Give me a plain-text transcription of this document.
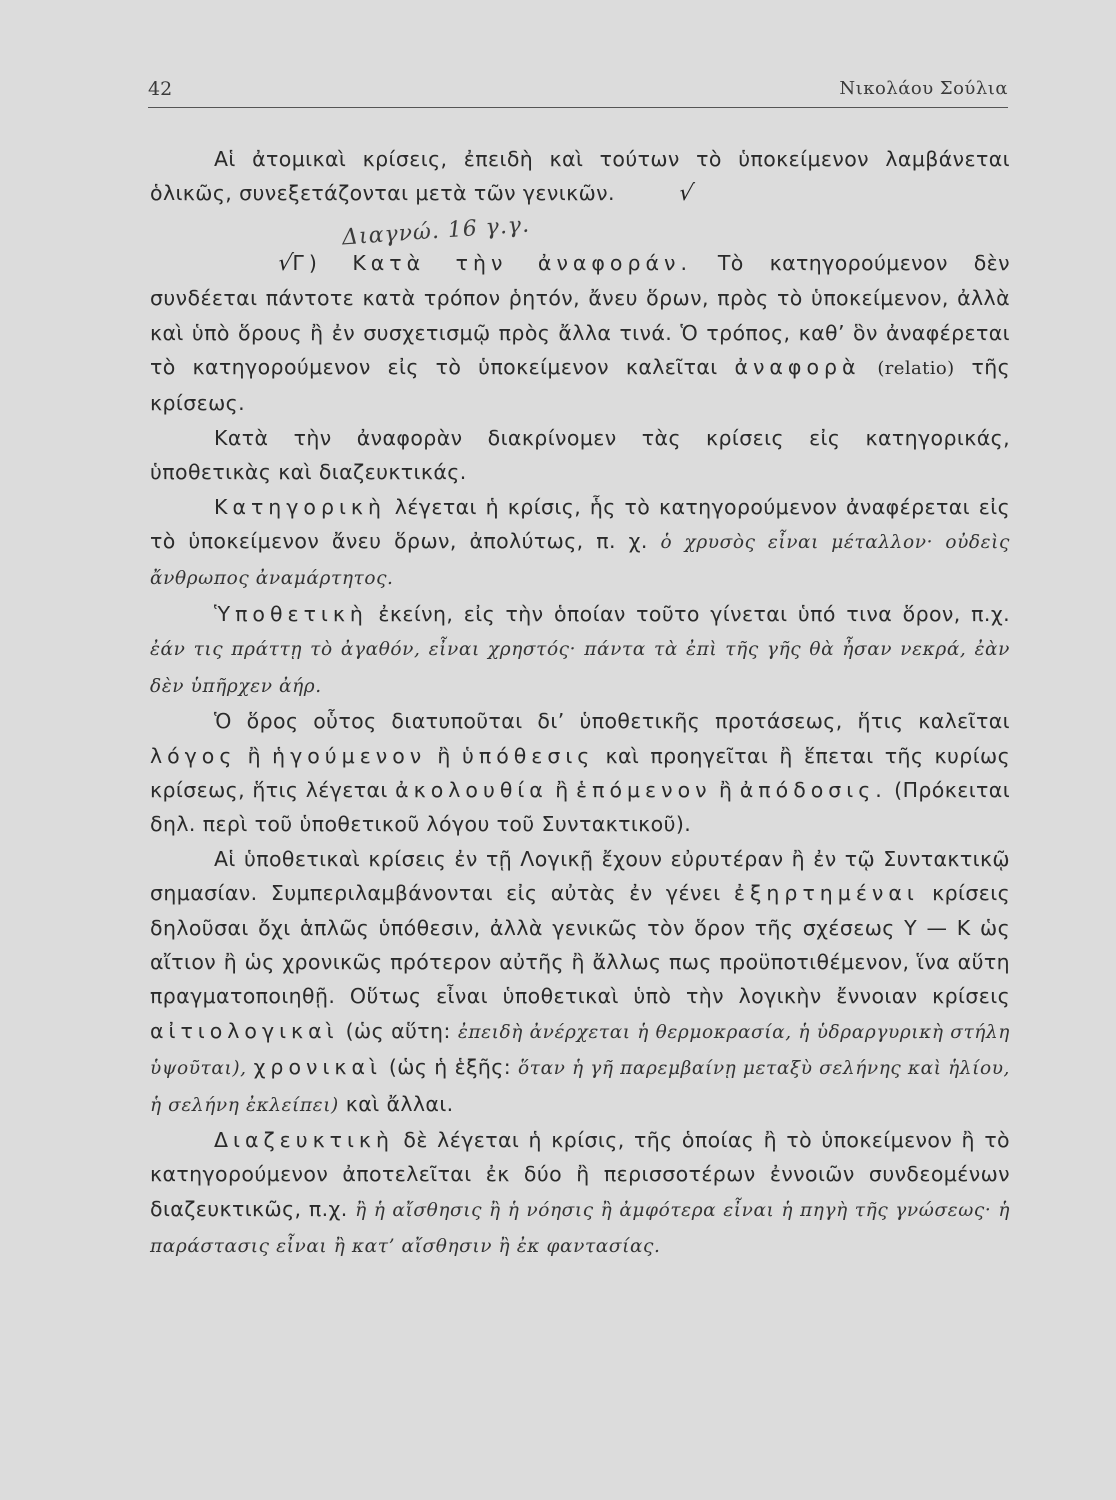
42	Νικολάου Σούλια
Διαγνώ. 16 γ.γ.

Αἱ ἀτομικαὶ κρίσεις, ἐπειδὴ καὶ τούτων τὸ ὑποκείμενον λαμβάνεται ὁλικῶς, συνεξετάζονται μετὰ τῶν γενικῶν.	√

√Γ) Κατὰ τὴν ἀναφοράν. Τὸ κατηγορούμενον δὲν συνδέεται πάντοτε κατὰ τρόπον ῥητόν, ἄνευ ὅρων, πρὸς τὸ ὑποκείμενον, ἀλλὰ καὶ ὑπὸ ὅρους ἢ ἐν συσχετισμῷ πρὸς ἄλλα τινά. Ὁ τρόπος, καθ’ ὃν ἀναφέρεται τὸ κατηγορούμενον εἰς τὸ ὑποκείμενον καλεῖται ἀναφορὰ (relatio) τῆς κρίσεως.

Κατὰ τὴν ἀναφορὰν διακρίνομεν τὰς κρίσεις εἰς κατηγορικάς, ὑποθετικὰς καὶ διαζευκτικάς.

Κατηγορικὴ λέγεται ἡ κρίσις, ἧς τὸ κατηγορούμενον ἀναφέρεται εἰς τὸ ὑποκείμενον ἄνευ ὅρων, ἀπολύτως, π. χ. ὁ χρυσὸς εἶναι μέταλλον· οὐδεὶς ἄνθρωπος ἀναμάρτητος.

Ὑποθετικὴ ἐκείνη, εἰς τὴν ὁποίαν τοῦτο γίνεται ὑπό τινα ὅρον, π.χ. ἐάν τις πράττῃ τὸ ἀγαθόν, εἶναι χρηστός· πάντα τὰ ἐπὶ τῆς γῆς θὰ ἦσαν νεκρά, ἐὰν δὲν ὑπῆρχεν ἀήρ.

Ὁ ὅρος οὗτος διατυποῦται δι’ ὑποθετικῆς προτάσεως, ἥτις καλεῖται λόγος ἢ ἡγούμενον ἢ ὑπόθεσις καὶ προηγεῖται ἢ ἕπεται τῆς κυρίως κρίσεως, ἥτις λέγεται ἀκολουθία ἢ ἑπόμενον ἢ ἀπόδοσις. (Πρόκειται δηλ. περὶ τοῦ ὑποθετικοῦ λόγου τοῦ Συντακτικοῦ).

Αἱ ὑποθετικαὶ κρίσεις ἐν τῇ Λογικῇ ἔχουν εὐρυτέραν ἢ ἐν τῷ Συντακτικῷ σημασίαν. Συμπεριλαμβάνονται εἰς αὐτὰς ἐν γένει ἐξηρτημέναι κρίσεις δηλοῦσαι ὄχι ἁπλῶς ὑπόθεσιν, ἀλλὰ γενικῶς τὸν ὅρον τῆς σχέσεως Υ — Κ ὡς αἴτιον ἢ ὡς χρονικῶς πρότερον αὐτῆς ἢ ἄλλως πως προϋποτιθέμενον, ἵνα αὕτη πραγματοποιηθῇ. Οὕτως εἶναι ὑποθετικαὶ ὑπὸ τὴν λογικὴν ἔννοιαν κρίσεις αἰτιολογικαὶ (ὡς αὕτη: ἐπειδὴ ἀνέρχεται ἡ θερμοκρασία, ἡ ὑδραργυρικὴ στήλη ὑψοῦται), χρονικαὶ (ὡς ἡ ἑξῆς: ὅταν ἡ γῆ παρεμβαίνῃ μεταξὺ σελήνης καὶ ἡλίου, ἡ σελήνη ἐκλείπει) καὶ ἄλλαι.

Διαζευκτικὴ δὲ λέγεται ἡ κρίσις, τῆς ὁποίας ἢ τὸ ὑποκείμενον ἢ τὸ κατηγορούμενον ἀποτελεῖται ἐκ δύο ἢ περισσοτέρων ἐννοιῶν συνδεομένων διαζευκτικῶς, π.χ. ἢ ἡ αἴσθησις ἢ ἡ νόησις ἢ ἀμφότερα εἶναι ἡ πηγὴ τῆς γνώσεως· ἡ παράστασις εἶναι ἢ κατ’ αἴσθησιν ἢ ἐκ φαντασίας.
